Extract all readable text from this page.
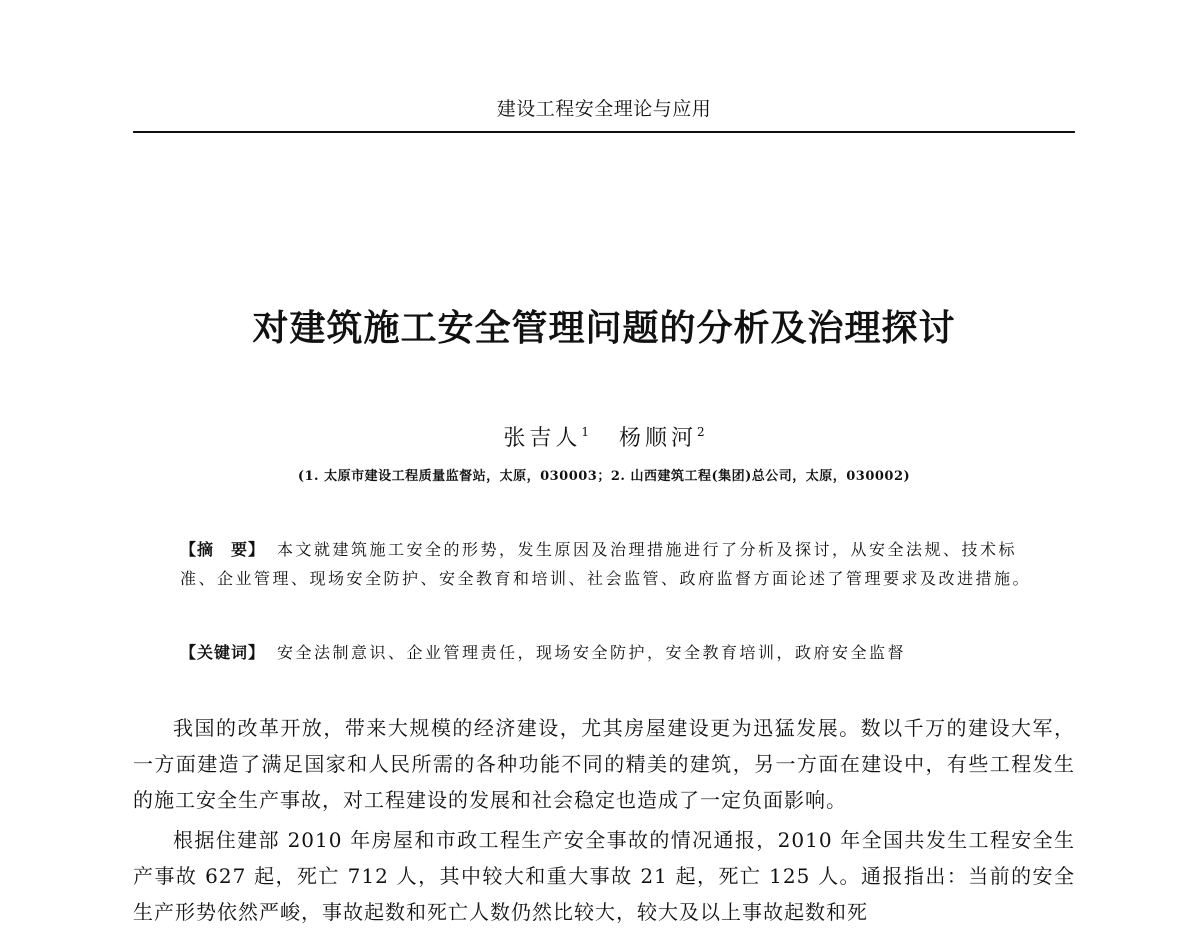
建设工程安全理论与应用
对建筑施工安全管理问题的分析及治理探讨
张吉人$^1$ 杨顺河$^2$
(1. 太原市建设工程质量监督站，太原，030003；2. 山西建筑工程(集团)总公司，太原，030002)
【摘　要】 本文就建筑施工安全的形势，发生原因及治理措施进行了分析及探讨，从安全法规、技术标准、企业管理、现场安全防护、安全教育和培训、社会监管、政府监督方面论述了管理要求及改进措施。
【关键词】 安全法制意识、企业管理责任，现场安全防护，安全教育培训，政府安全监督

我国的改革开放，带来大规模的经济建设，尤其房屋建设更为迅猛发展。数以千万的建设大军，一方面建造了满足国家和人民所需的各种功能不同的精美的建筑，另一方面在建设中，有些工程发生的施工安全生产事故，对工程建设的发展和社会稳定也造成了一定负面影响。

根据住建部 2010 年房屋和市政工程生产安全事故的情况通报，2010 年全国共发生工程安全生产事故 627 起，死亡 712 人，其中较大和重大事故 21 起，死亡 125 人。通报指出：当前的安全生产形势依然严峻，事故起数和死亡人数仍然比较大，较大及以上事故起数和死
